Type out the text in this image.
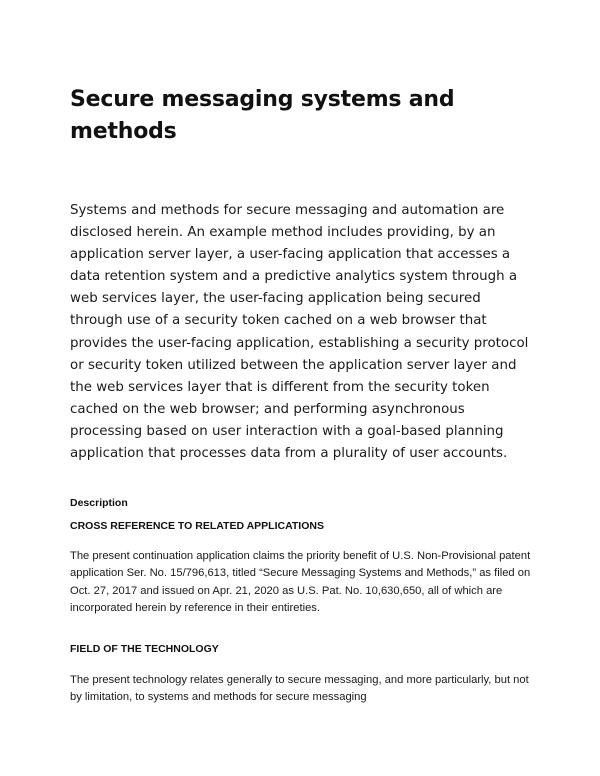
Secure messaging systems and methods

Systems and methods for secure messaging and automation are disclosed herein. An example method includes providing, by an application server layer, a user-facing application that accesses a data retention system and a predictive analytics system through a web services layer, the user-facing application being secured through use of a security token cached on a web browser that provides the user-facing application, establishing a security protocol or security token utilized between the application server layer and the web services layer that is different from the security token cached on the web browser; and performing asynchronous processing based on user interaction with a goal-based planning application that processes data from a plurality of user accounts.

Description
CROSS REFERENCE TO RELATED APPLICATIONS

The present continuation application claims the priority benefit of U.S. Non-Provisional patent application Ser. No. 15/796,613, titled “Secure Messaging Systems and Methods,” as filed on Oct. 27, 2017 and issued on Apr. 21, 2020 as U.S. Pat. No. 10,630,650, all of which are incorporated herein by reference in their entireties.

FIELD OF THE TECHNOLOGY

The present technology relates generally to secure messaging, and more particularly, but not by limitation, to systems and methods for secure messaging
